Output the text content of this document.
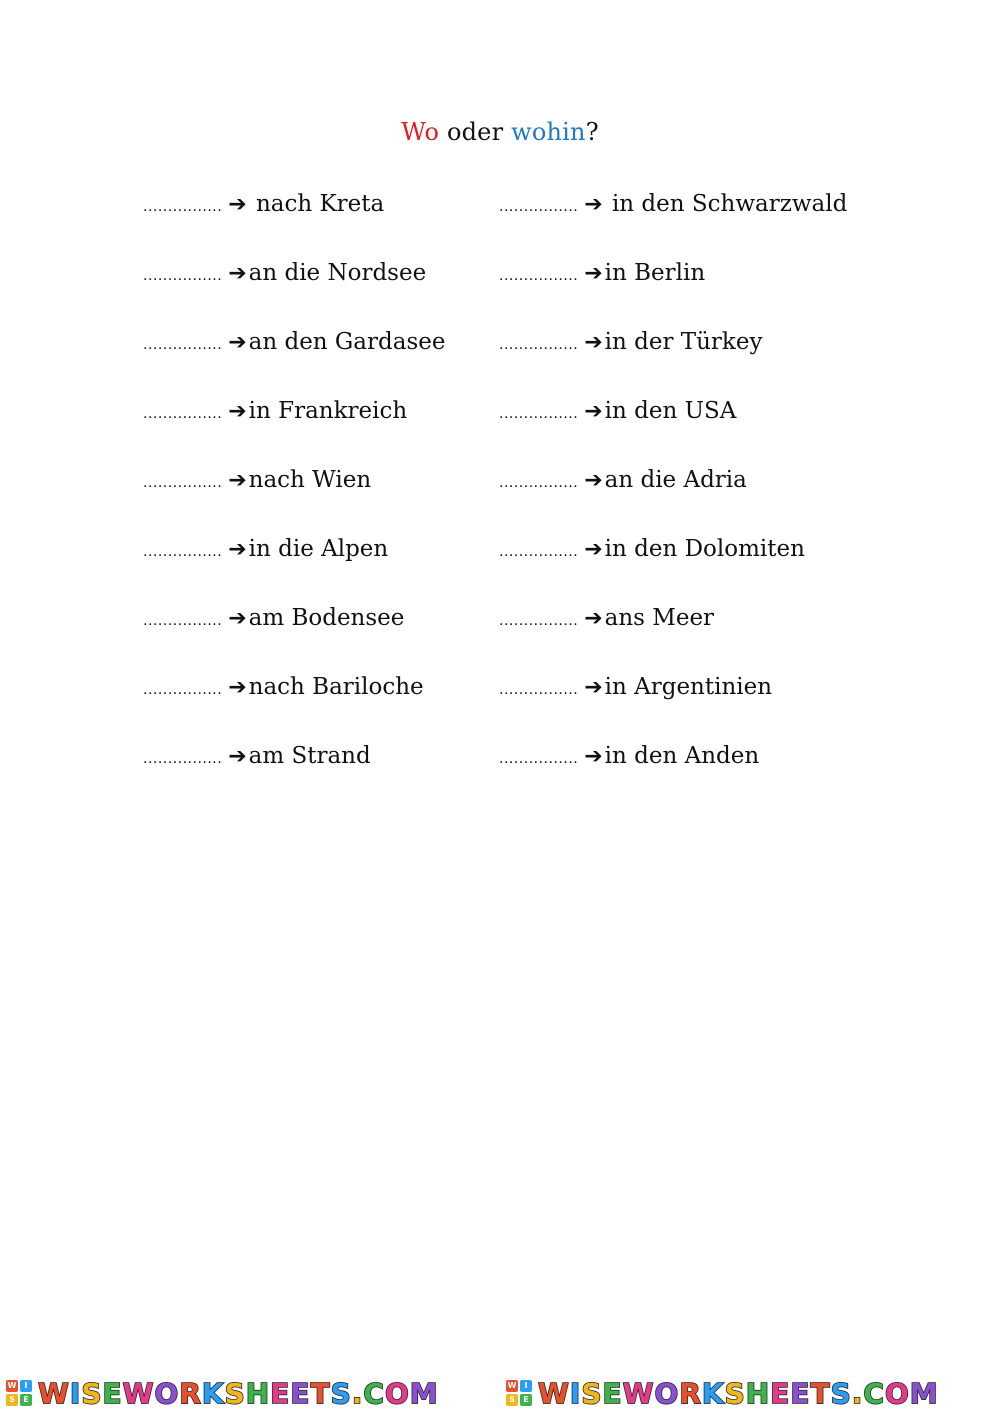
Wo oder wohin?
................ ➔ nach Kreta	................ ➔ in den Schwarzwald
................ ➔ an die Nordsee	................ ➔ in Berlin
................ ➔ an den Gardasee	................ ➔ in der Türkey
................ ➔ in Frankreich	................ ➔ in den USA
................ ➔ nach Wien	................ ➔ an die Adria
................ ➔ in die Alpen	................ ➔ in den Dolomiten
................ ➔ am Bodensee	................ ➔ ans Meer
................ ➔ nach Bariloche	................ ➔ in Argentinien
................ ➔ am Strand	................ ➔ in den Anden
W	I
S	E WISEWORKSHEETS.COM	W	I
S	E WISEWORKSHEETS.COM
